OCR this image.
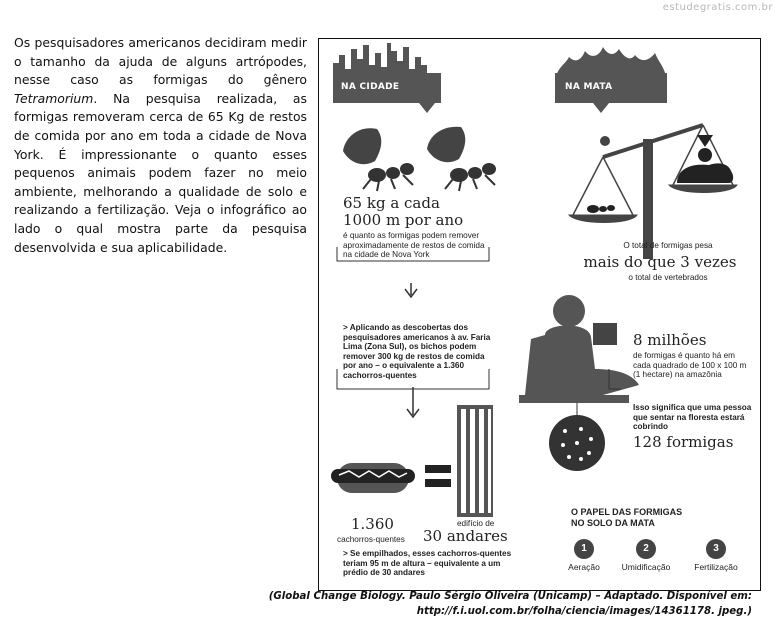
estudegratis.com.br
Os pesquisadores americanos decidiram medir o tamanho da ajuda de alguns artrópodes, nesse caso as formigas do gênero Tetramorium. Na pesquisa realizada, as formigas removeram cerca de 65 Kg de restos de comida por ano em toda a cidade de Nova York. É impressionante o quanto esses pequenos animais podem fazer no meio ambiente, melhorando a qualidade de solo e realizando a fertilização. Veja o infográfico ao lado o qual mostra parte da pesquisa desenvolvida e sua aplicabilidade.
NA CIDADE	NA MATA
65 kg a cada
1000 m por ano
é quanto as formigas podem remover aproximadamente de restos de comida na cidade de Nova York
O total de formigas pesa
mais do que 3 vezes
o total de vertebrados
> Aplicando as descobertas dos pesquisadores americanos à av. Faria Lima (Zona Sul), os bichos podem remover 300 kg de restos de comida por ano – o equivalente a 1.360 cachorros-quentes
1.360
cachorros-quentes
edifício de
30 andares
> Se empilhados, esses cachorros-quentes teriam 95 m de altura – equivalente a um prédio de 30 andares
8 milhões
de formigas é quanto há em cada quadrado de 100 x 100 m (1 hectare) na amazônia
Isso significa que uma pessoa que sentar na floresta estará cobrindo
128 formigas
O PAPEL DAS FORMIGAS
NO SOLO DA MATA
1
Aeração
2
Umidificação
3
Fertilização
(Global Change Biology. Paulo Sérgio Oliveira (Unicamp) – Adaptado. Disponível em: http://f.i.uol.com.br/folha/ciencia/images/14361178. jpeg.)
